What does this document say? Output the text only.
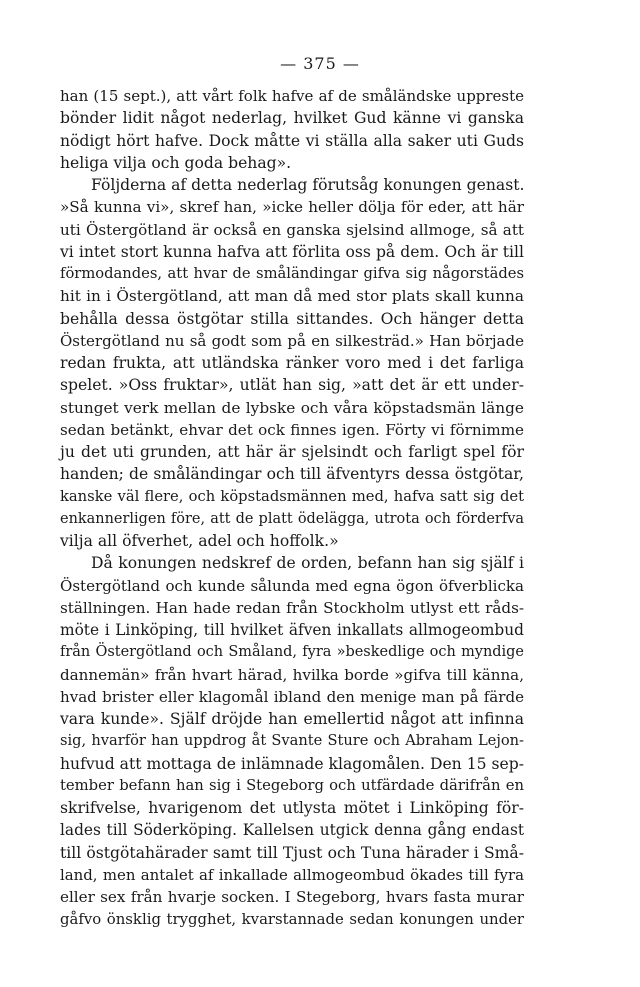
— 375 —
han (15 sept.), att vårt folk hafve af de småländske uppreste
bönder lidit något nederlag, hvilket Gud känne vi ganska
nödigt hört hafve. Dock måtte vi ställa alla saker uti Guds
heliga vilja och goda behag».
Följderna af detta nederlag förutsåg konungen genast.
»Så kunna vi», skref han, »icke heller dölja för eder, att här
uti Östergötland är också en ganska sjelsind allmoge, så att
vi intet stort kunna hafva att förlita oss på dem. Och är till
förmodandes, att hvar de småländingar gifva sig någorstädes
hit in i Östergötland, att man då med stor plats skall kunna
behålla dessa östgötar stilla sittandes. Och hänger detta
Östergötland nu så godt som på en silkesträd.» Han började
redan frukta, att utländska ränker voro med i det farliga
spelet. »Oss fruktar», utlät han sig, »att det är ett under-
stunget verk mellan de lybske och våra köpstadsmän länge
sedan betänkt, ehvar det ock finnes igen. Förty vi förnimme
ju det uti grunden, att här är sjelsindt och farligt spel för
handen; de småländingar och till äfventyrs dessa östgötar,
kanske väl flere, och köpstadsmännen med, hafva satt sig det
enkannerligen före, att de platt ödelägga, utrota och förderfva
vilja all öfverhet, adel och hoffolk.»
Då konungen nedskref de orden, befann han sig själf i
Östergötland och kunde sålunda med egna ögon öfverblicka
ställningen. Han hade redan från Stockholm utlyst ett råds-
möte i Linköping, till hvilket äfven inkallats allmogeombud
från Östergötland och Småland, fyra »beskedlige och myndige
dannemän» från hvart härad, hvilka borde »gifva till känna,
hvad brister eller klagomål ibland den menige man på färde
vara kunde». Själf dröjde han emellertid något att infinna
sig, hvarför han uppdrog åt Svante Sture och Abraham Lejon-
hufvud att mottaga de inlämnade klagomålen. Den 15 sep-
tember befann han sig i Stegeborg och utfärdade därifrån en
skrifvelse, hvarigenom det utlysta mötet i Linköping för-
lades till Söderköping. Kallelsen utgick denna gång endast
till östgötahärader samt till Tjust och Tuna härader i Små-
land, men antalet af inkallade allmogeombud ökades till fyra
eller sex från hvarje socken. I Stegeborg, hvars fasta murar
gåfvo önsklig trygghet, kvarstannade sedan konungen under
